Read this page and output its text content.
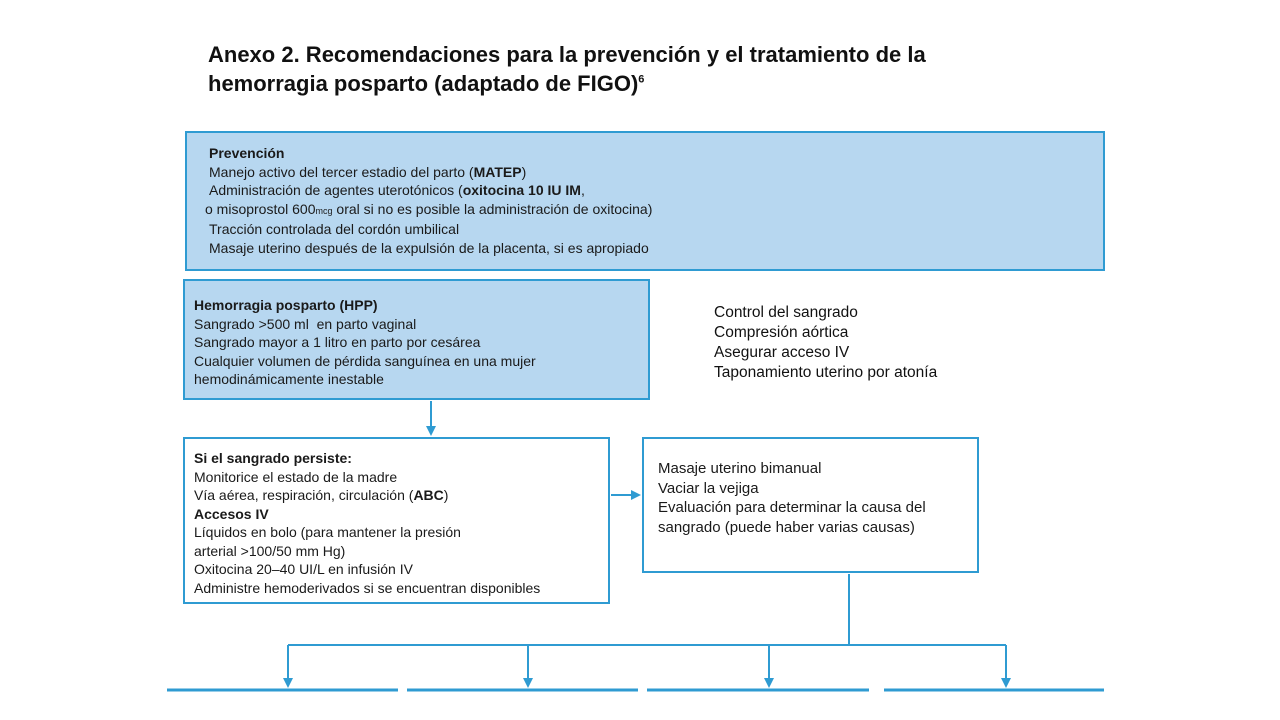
Anexo 2. Recomendaciones para la prevención y el tratamiento de la
hemorragia posparto (adaptado de FIGO)$^6$
Prevención
Manejo activo del tercer estadio del parto (MATEP)
Administración de agentes uterotónicos (oxitocina 10 IU IM,
o misoprostol 600mcg oral si no es posible la administración de oxitocina)
Tracción controlada del cordón umbilical
Masaje uterino después de la expulsión de la placenta, si es apropiado
Hemorragia posparto (HPP)
Sangrado >500 ml  en parto vaginal
Sangrado mayor a 1 litro en parto por cesárea
Cualquier volumen de pérdida sanguínea en una mujer
hemodinámicamente inestable
Control del sangrado
Compresión aórtica
Asegurar acceso IV
Taponamiento uterino por atonía
Si el sangrado persiste:
Monitorice el estado de la madre
Vía aérea, respiración, circulación (ABC)
Accesos IV
Líquidos en bolo (para mantener la presión
arterial >100/50 mm Hg)
Oxitocina 20–40 UI/L en infusión IV
Administre hemoderivados si se encuentran disponibles
Masaje uterino bimanual
Vaciar la vejiga
Evaluación para determinar la causa del
sangrado (puede haber varias causas)
